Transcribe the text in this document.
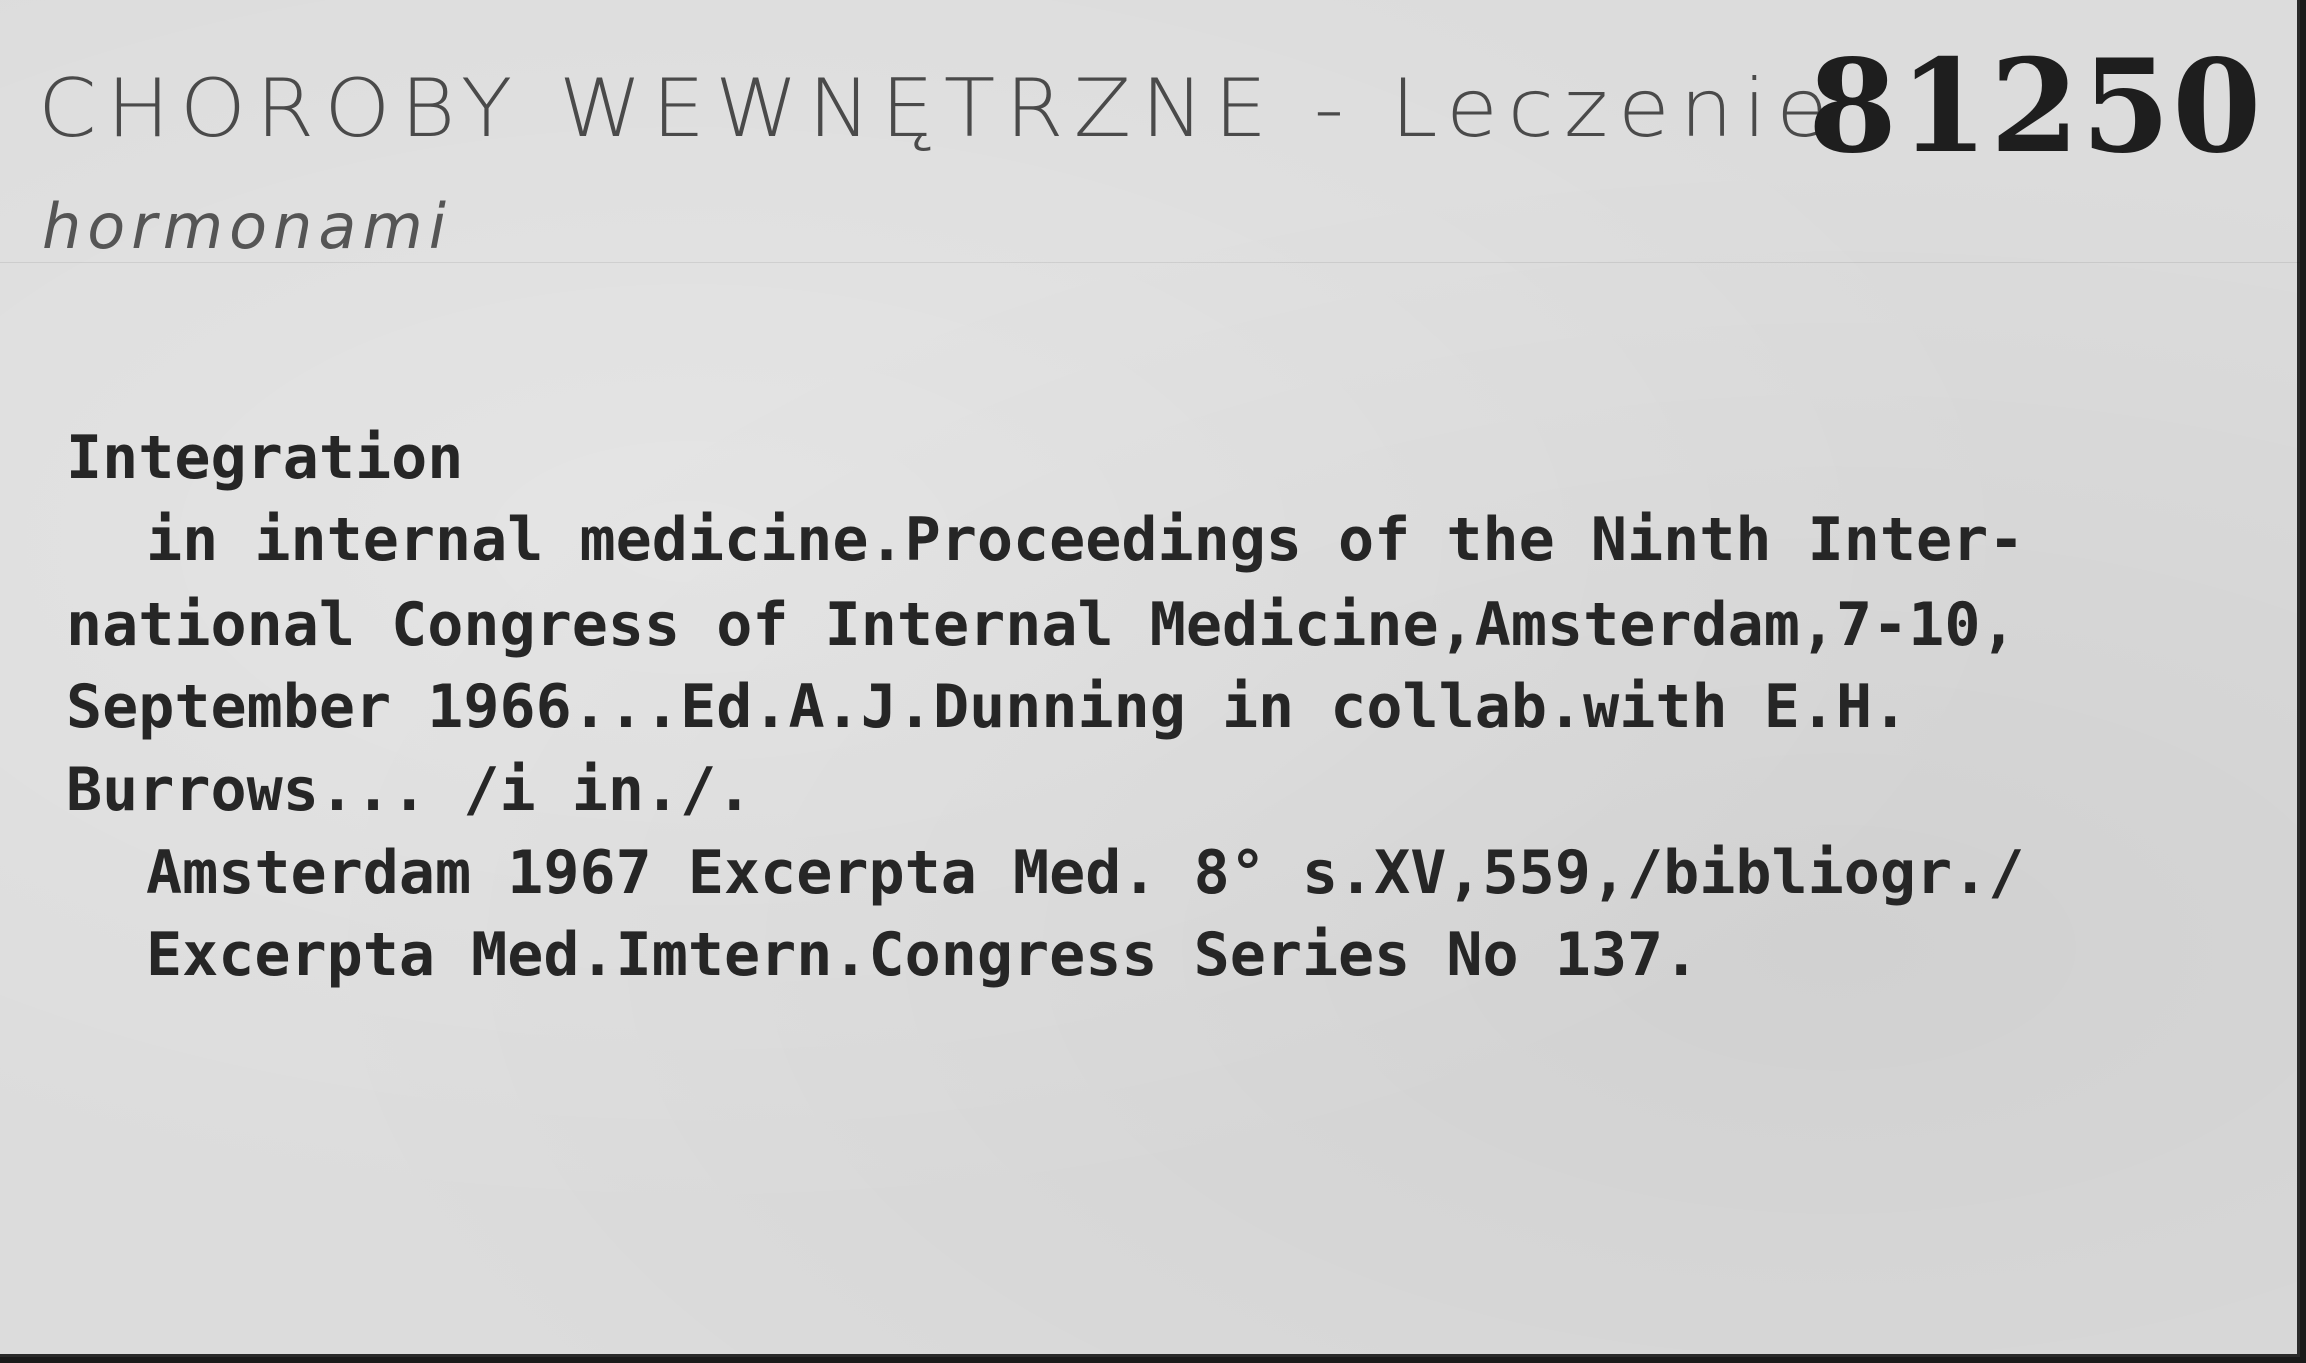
CHOROBY WEWNĘTRZNE - Leczenie
hormonami
81250
Integration
in internal medicine.Proceedings of the Ninth Inter-
national Congress of Internal Medicine,Amsterdam,7-10,
September 1966...Ed.A.J.Dunning in collab.with E.H.
Burrows... /i in./.
Amsterdam 1967 Excerpta Med. 8° s.XV,559,/bibliogr./
Excerpta Med.Imtern.Congress Series No 137.
